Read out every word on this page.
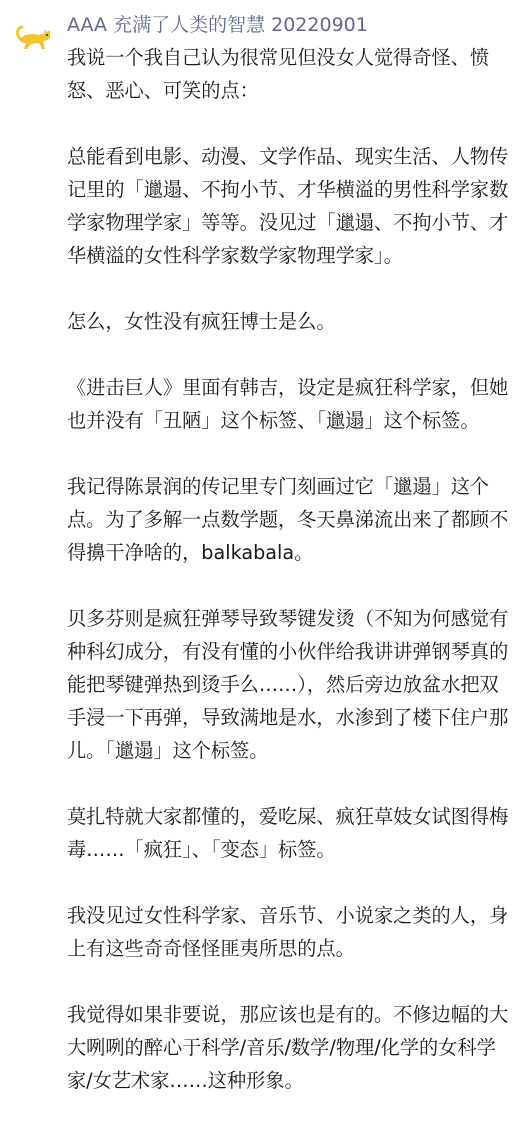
AAA 充满了人类的智慧 20220901
我说一个我自己认为很常见但没女人觉得奇怪、愤怒、恶心、可笑的点：
总能看到电影、动漫、文学作品、现实生活、人物传记里的「邋遢、不拘小节、才华横溢的男性科学家数学家物理学家」等等。没见过「邋遢、不拘小节、才华横溢的女性科学家数学家物理学家」。
怎么，女性没有疯狂博士是么。
《进击巨人》里面有韩吉，设定是疯狂科学家，但她也并没有「丑陋」这个标签、「邋遢」这个标签。
我记得陈景润的传记里专门刻画过它「邋遢」这个点。为了多解一点数学题，冬天鼻涕流出来了都顾不得擤干净啥的，balkabala。
贝多芬则是疯狂弹琴导致琴键发烫（不知为何感觉有种科幻成分，有没有懂的小伙伴给我讲讲弹钢琴真的能把琴键弹热到烫手么……），然后旁边放盆水把双手浸一下再弹，导致满地是水，水渗到了楼下住户那儿。「邋遢」这个标签。
莫扎特就大家都懂的，爱吃屎、疯狂草妓女试图得梅毒……「疯狂」、「变态」标签。
我没见过女性科学家、音乐节、小说家之类的人，身上有这些奇奇怪怪匪夷所思的点。
我觉得如果非要说，那应该也是有的。不修边幅的大大咧咧的醉心于科学/音乐/数学/物理/化学的女科学家/女艺术家……这种形象。
